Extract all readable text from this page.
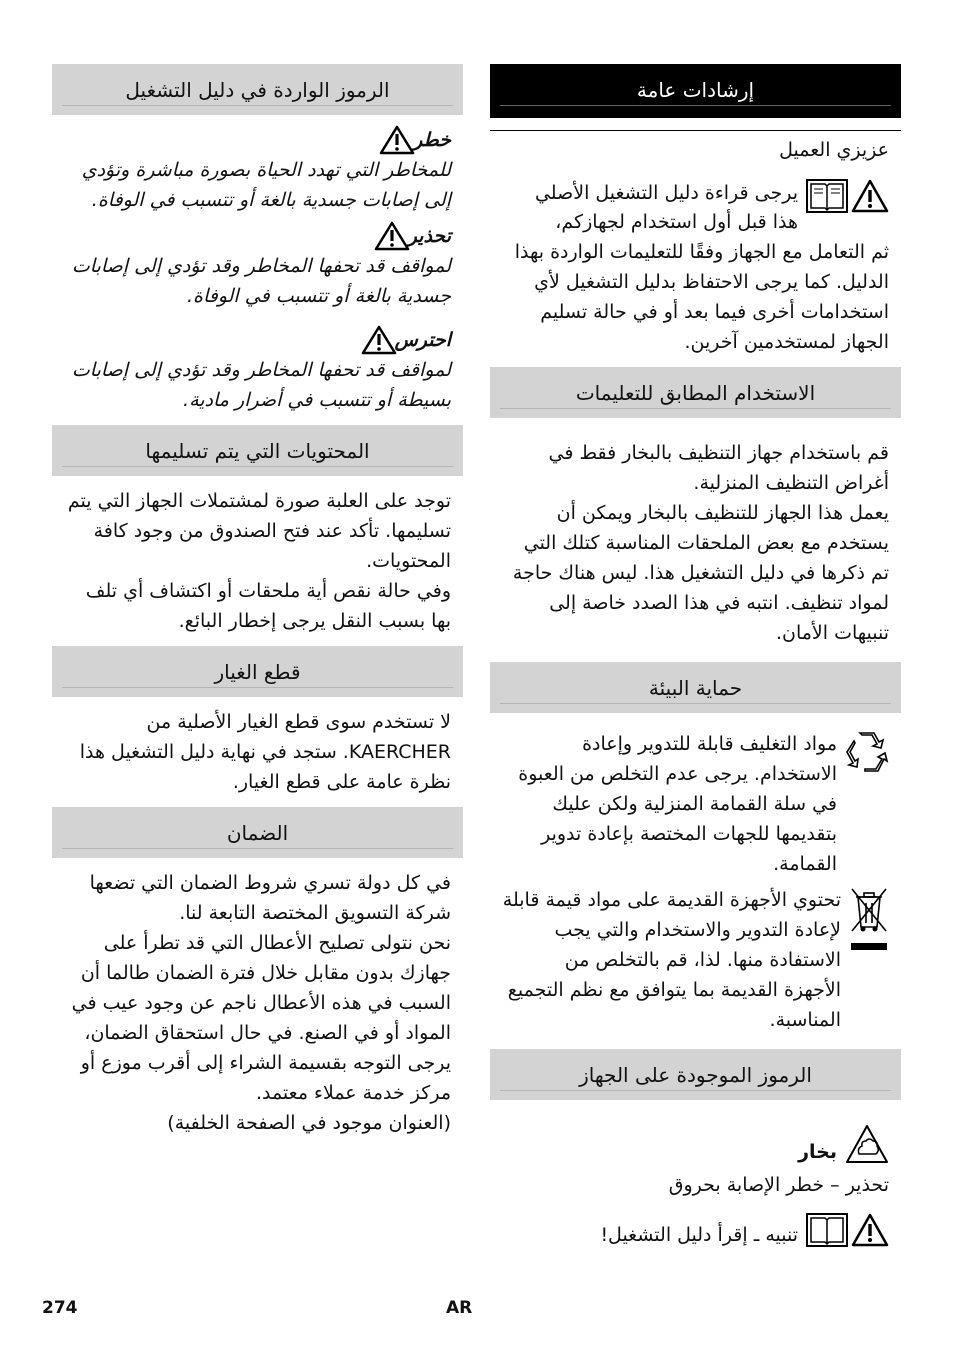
إرشادات عامة

عزيزي العميل

يرجى قراءة دليل التشغيل الأصلي
هذا قبل أول استخدام لجهازكم،

ثم التعامل مع الجهاز وفقًا للتعليمات الواردة بهذا الدليل. كما يرجى الاحتفاظ بدليل التشغيل لأي استخدامات أخرى فيما بعد أو في حالة تسليم الجهاز لمستخدمين آخرين.

الاستخدام المطابق للتعليمات

قم باستخدام جهاز التنظيف بالبخار فقط في أغراض التنظيف المنزلية.

يعمل هذا الجهاز للتنظيف بالبخار ويمكن أن يستخدم مع بعض الملحقات المناسبة كتلك التي تم ذكرها في دليل التشغيل هذا. ليس هناك حاجة لمواد تنظيف. انتبه في هذا الصدد خاصة إلى تنبيهات الأمان.

حماية البيئة

مواد التغليف قابلة للتدوير وإعادة الاستخدام. يرجى عدم التخلص من العبوة في سلة القمامة المنزلية ولكن عليك بتقديمها للجهات المختصة بإعادة تدوير القمامة.

تحتوي الأجهزة القديمة على مواد قيمة قابلة لإعادة التدوير والاستخدام والتي يجب الاستفادة منها. لذا، قم بالتخلص من الأجهزة القديمة بما يتوافق مع نظم التجميع المناسبة.

الرموز الموجودة على الجهاز

بخار

تحذير – خطر الإصابة بحروق

تنبيه ـ إقرأ دليل التشغيل!

الرموز الواردة في دليل التشغيل

خطر

للمخاطر التي تهدد الحياة بصورة مباشرة وتؤدي إلى إصابات جسدية بالغة أو تتسبب في الوفاة.

تحذير

لمواقف قد تحفها المخاطر وقد تؤدي إلى إصابات جسدية بالغة أو تتسبب في الوفاة.

احترس

لمواقف قد تحفها المخاطر وقد تؤدي إلى إصابات بسيطة أو تتسبب في أضرار مادية.

المحتويات التي يتم تسليمها

توجد على العلبة صورة لمشتملات الجهاز التي يتم تسليمها. تأكد عند فتح الصندوق من وجود كافة المحتويات.

وفي حالة نقص أية ملحقات أو اكتشاف أي تلف بها بسبب النقل يرجى إخطار البائع.

قطع الغيار

لا تستخدم سوى قطع الغيار الأصلية من KAERCHER. ستجد في نهاية دليل التشغيل هذا نظرة عامة على قطع الغيار.

الضمان

في كل دولة تسري شروط الضمان التي تضعها شركة التسويق المختصة التابعة لنا.

نحن نتولى تصليح الأعطال التي قد تطرأ على جهازك بدون مقابل خلال فترة الضمان طالما أن السبب في هذه الأعطال ناجم عن وجود عيب في المواد أو في الصنع. في حال استحقاق الضمان، يرجى التوجه بقسيمة الشراء إلى أقرب موزع أو مركز خدمة عملاء معتمد.

(العنوان موجود في الصفحة الخلفية)

274	AR
